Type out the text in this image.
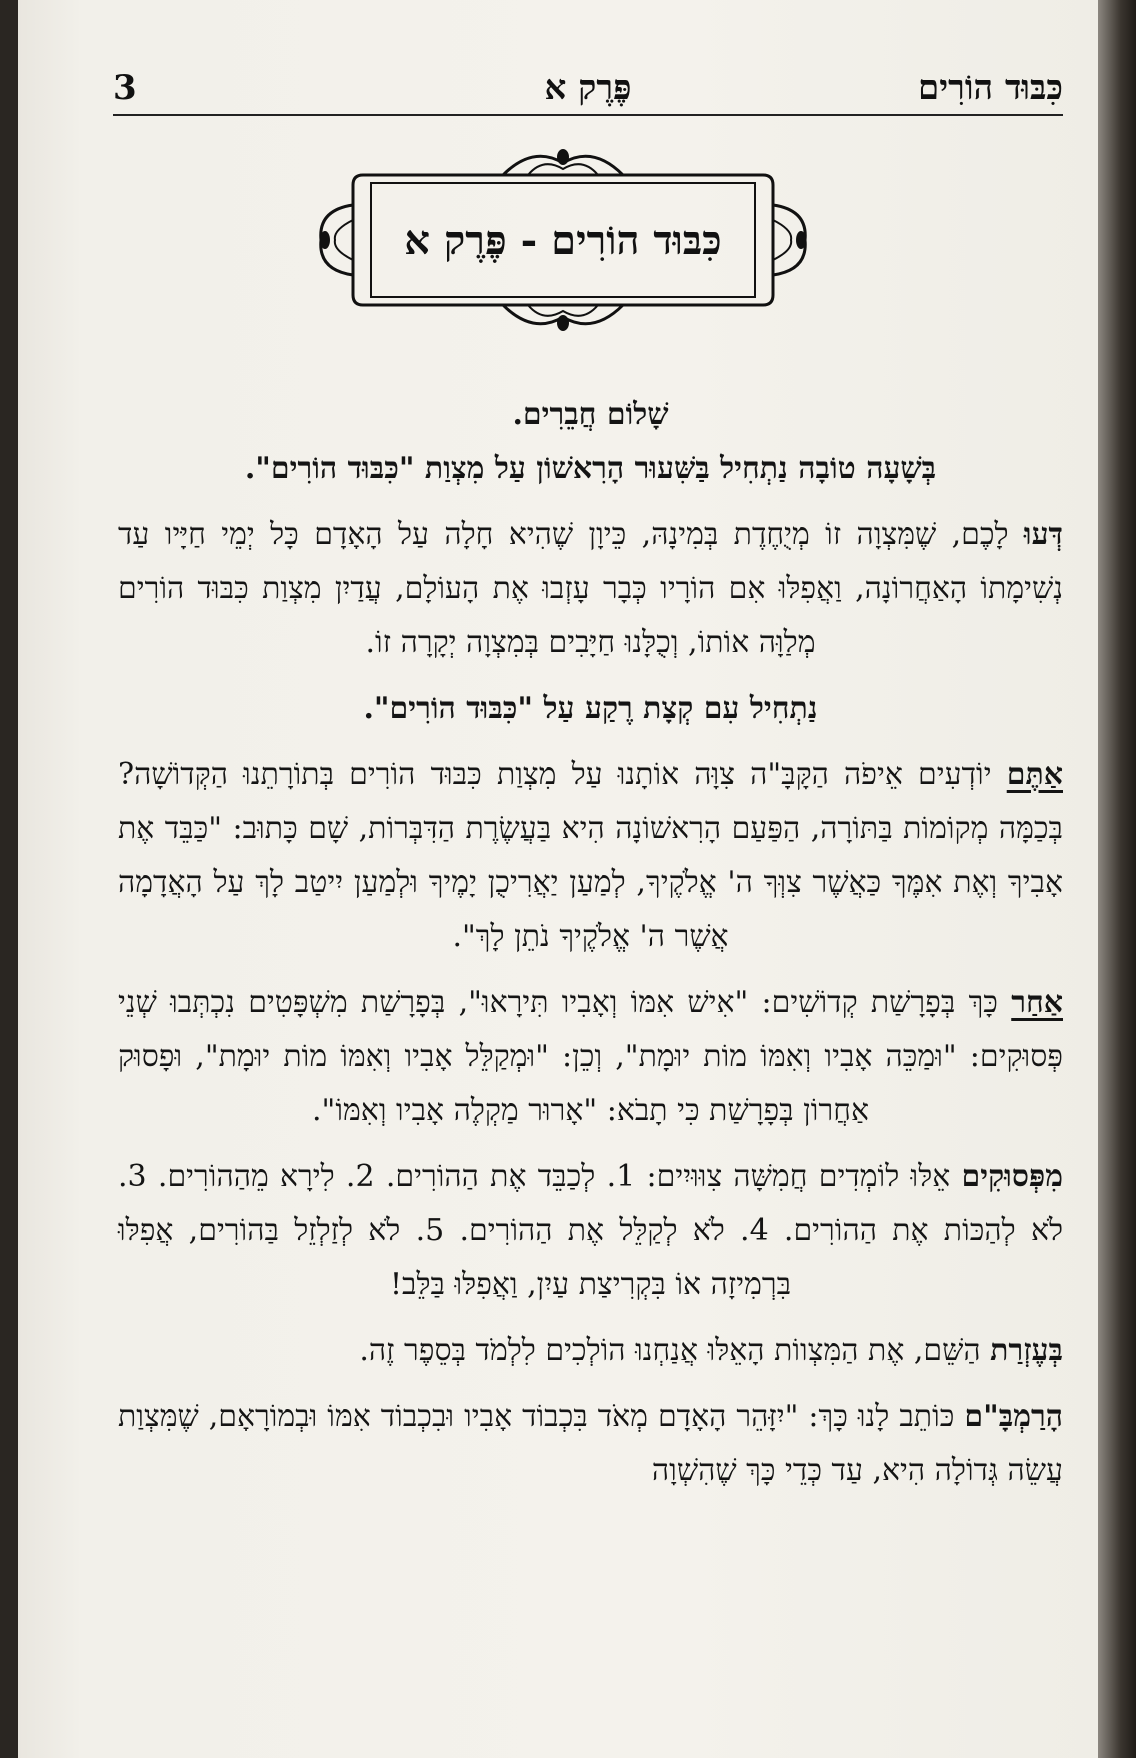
כִּבּוּד הוֹרִים
פֶּרֶק א
3
כִּבּוּד הוֹרִים - פֶּרֶק א

שָׁלוֹם חֲבֵרִים.

בְּשָׁעָה טוֹבָה נַתְחִיל בַּשִּׁעוּר הָרִאשׁוֹן עַל מִצְוַת "כִּבּוּד הוֹרִים".

דְּעוּ לָכֶם, שֶׁמִּצְוָה זוֹ מְיֻחֶדֶת בְּמִינָהּ, כֵּיוָן שֶׁהִיא חָלָה עַל הָאָדָם כָּל יְמֵי חַיָּיו עַד נְשִׁימָתוֹ הָאַחֲרוֹנָה, וַאֲפִלּוּ אִם הוֹרָיו כְּבָר עָזְבוּ אֶת הָעוֹלָם, עֲדַיִן מִצְוַת כִּבּוּד הוֹרִים מְלַוָּה אוֹתוֹ, וְכֻלָּנוּ חַיָּבִים בְּמִצְוָה יְקָרָה זוֹ.

נַתְחִיל עִם קְצָת רֶקַע עַל "כִּבּוּד הוֹרִים".

אַתֶּם יוֹדְעִים אֵיפֹה הַקָּבָּ"ה צִוָּה אוֹתָנוּ עַל מִצְוַת כִּבּוּד הוֹרִים בְּתוֹרָתֵנוּ הַקְּדוֹשָׁה? בְּכַמָּה מְקוֹמוֹת בַּתּוֹרָה, הַפַּעַם הָרִאשׁוֹנָה הִיא בַּעֲשֶׂרֶת הַדִּבְּרוֹת, שָׁם כָּתוּב: "כַּבֵּד אֶת אָבִיךָ וְאֶת אִמֶּךָ כַּאֲשֶׁר צִוְּךָ ה' אֱלֹקֶיךָ, לְמַעַן יַאֲרִיכֻן יָמֶיךָ וּלְמַעַן יִיטַב לָךְ עַל הָאֲדָמָה אֲשֶׁר ה' אֱלֹקֶיךָ נֹתֵן לָךְ".

אַחַר כָּךְ בְּפָרָשַׁת קְדוֹשִׁים: "אִישׁ אִמּוֹ וְאָבִיו תִּירָאוּ", בְּפָרָשַׁת מִשְׁפָּטִים נִכְתְּבוּ שְׁנֵי פְּסוּקִים: "וּמַכֵּה אָבִיו וְאִמּוֹ מוֹת יוּמָת", וְכֵן: "וּמְקַלֵּל אָבִיו וְאִמּוֹ מוֹת יוּמָת", וּפָסוּק אַחֲרוֹן בְּפָרָשַׁת כִּי תָבֹא: "אָרוּר מַקְלֶה אָבִיו וְאִמּוֹ".

מִפְּסוּקִים אֵלּוּ לוֹמְדִים חֲמִשָּׁה צִוּוּיִים: 1. לְכַבֵּד אֶת הַהוֹרִים. 2. לִירָא מֵהַהוֹרִים. 3. לֹא לְהַכּוֹת אֶת הַהוֹרִים. 4. לֹא לְקַלֵּל אֶת הַהוֹרִים. 5. לֹא לְזַלְזֵל בַּהוֹרִים, אֲפִלּוּ בִּרְמִיזָה אוֹ בִּקְרִיצַת עַיִן, וַאֲפִלּוּ בַּלֵּב!

בְּעֶזְרַת הַשֵּׁם, אֶת הַמִּצְווֹת הָאֵלּוּ אֲנַחְנוּ הוֹלְכִים לִלְמֹד בְּסֵפֶר זֶה.

הָרַמְבָּ"ם כּוֹתֵב לָנוּ כָּךְ: "יִזָּהֵר הָאָדָם מְאֹד בִּכְבוֹד אָבִיו וּבִכְבוֹד אִמּוֹ וּבְמוֹרָאָם, שֶׁמִּצְוַת עֲשֵׂה גְּדוֹלָה הִיא, עַד כְּדֵי כָּךְ שֶׁהִשְׁוָה
